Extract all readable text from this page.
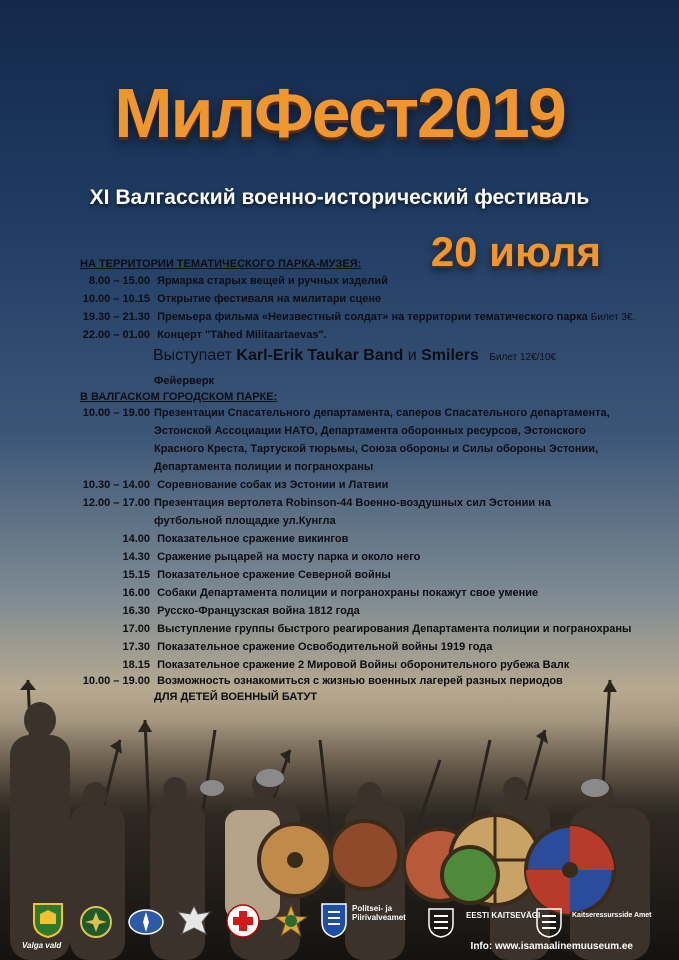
МилФест2019
XI Валгасский военно-исторический фестиваль
20 июля
НА ТЕРРИТОРИИ ТЕМАТИЧЕСКОГО ПАРКА-МУЗЕЯ:
8.00 – 15.00 Ярмарка старых вещей и ручных изделий
10.00 – 10.15 Открытие фестиваля на милитари сцене
19.30 – 21.30 Премьера фильма «Неизвестный солдат» на территории тематического парка Билет 3€.
22.00 – 01.00 Концерт "Tähed Militaartaevas".
Выступает Karl-Erik Taukar Band и Smilers Билет 12€/10€
Фейерверк
В ВАЛГАСКОМ ГОРОДСКОМ ПАРКЕ:
10.00 – 19.00 Презентации Спасательного департамента, саперов Спасательного департамента, Эстонской Ассоциации НАТО, Департамента оборонных ресурсов, Эстонского Красного Креста, Тартуской тюрьмы, Союза обороны и Силы обороны Эстонии, Департамента полиции и погранохраны
10.30 – 14.00 Соревнование собак из Эстонии и Латвии
12.00 – 17.00 Презентация вертолета Robinson-44 Военно-воздушных сил Эстонии на футбольной площадке ул.Кунгла
14.00 Показательное сражение викингов
14.30 Сражение рыцарей на мосту парка и около него
15.15 Показательное сражение Северной войны
16.00 Собаки Департамента полиции и погранохраны покажут свое умение
16.30 Русско-Французская война 1812 года
17.00 Выступление группы быстрого реагирования Департамента полиции и погранохраны
17.30 Показательное сражение Освободительной войны 1919 года
18.15 Показательное сражение 2 Мировой Войны оборонительного рубежа Валк
10.00 – 19.00 Возможность ознакомиться с жизнью военных лагерей разных периодов
ДЛЯ ДЕТЕЙ ВОЕННЫЙ БАТУТ
Valga vald
Politsei- ja Piirivalveamet	EESTI KAITSEVÄGI	Kaitseressursside Amet
Info: www.isamaalinemuuseum.ee
